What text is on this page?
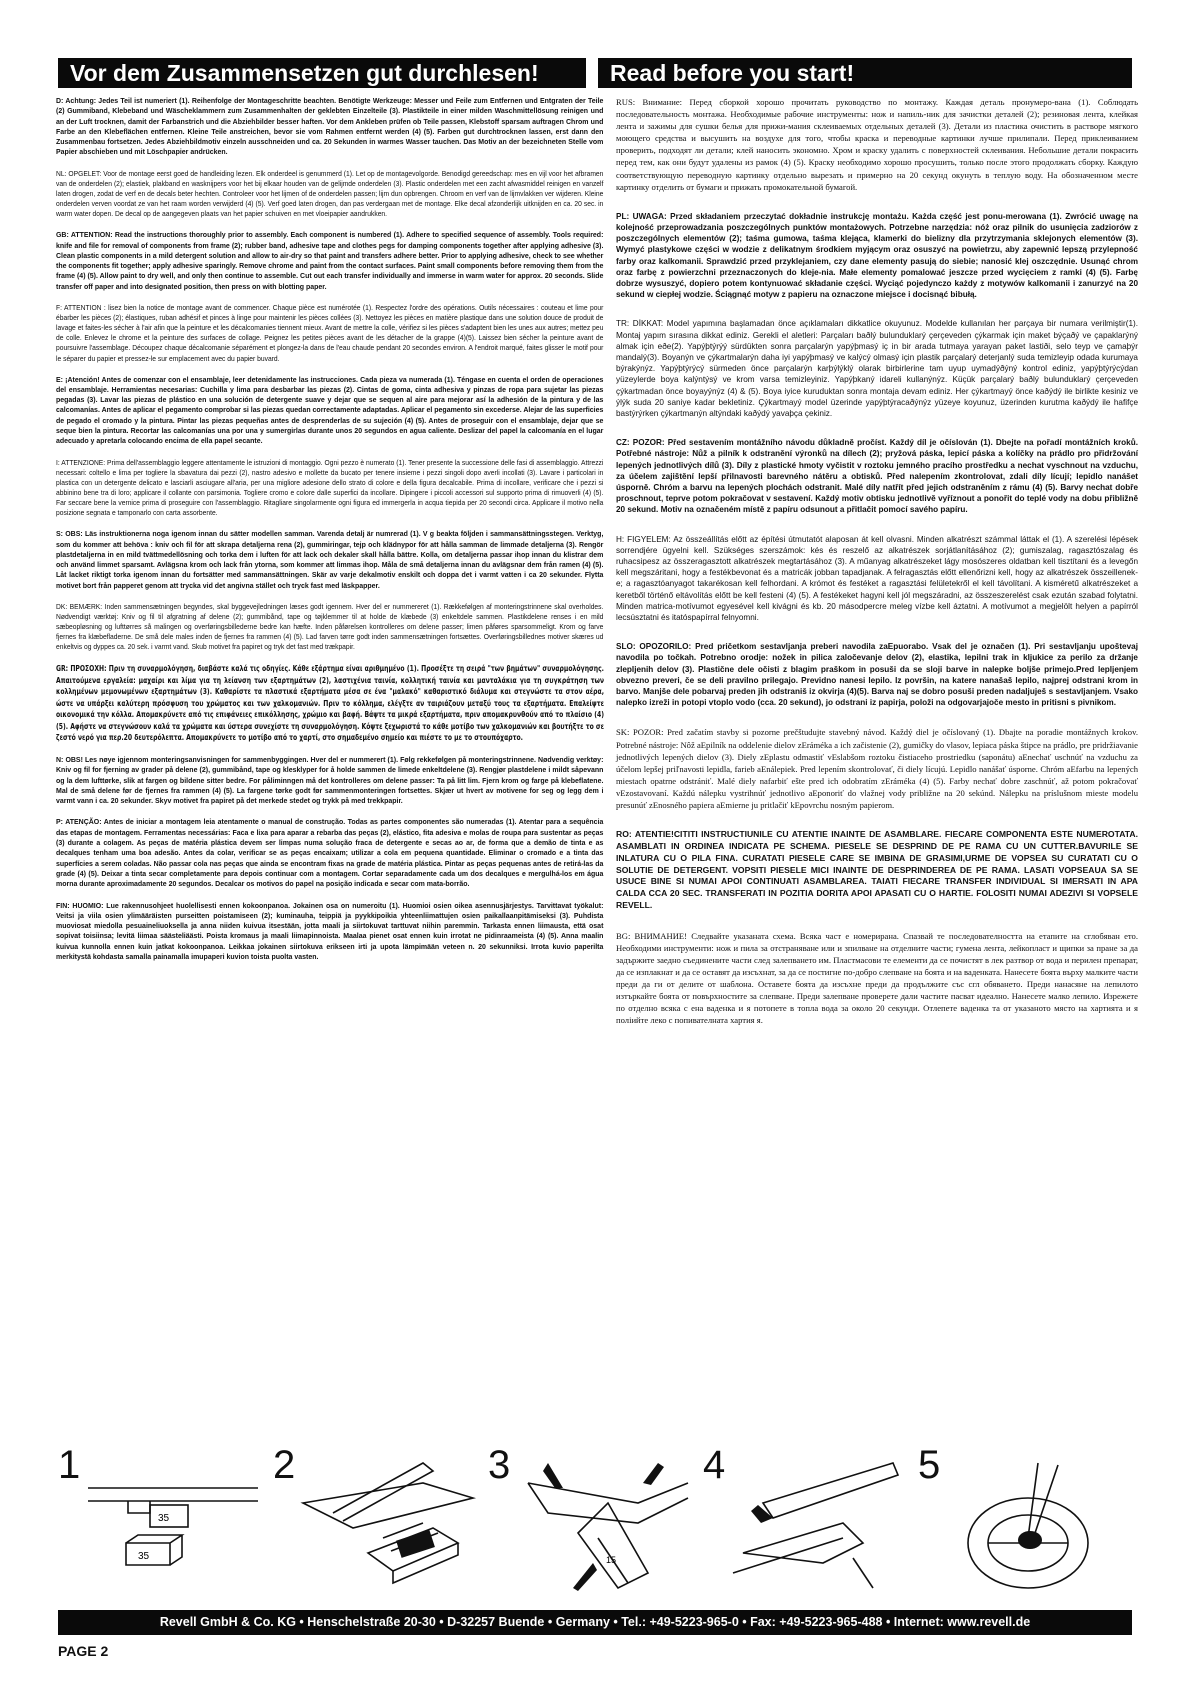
Vor dem Zusammensetzen gut durchlesen!	Read before you start!

D: Achtung: Jedes Teil ist numeriert (1). Reihenfolge der Montageschritte beachten. Benötigte Werkzeuge: Messer und Feile zum Entfernen und Entgraten der Teile (2) Gummiband, Klebeband und Wäscheklammern zum Zusammenhalten der geklebten Einzelteile (3). Plastikteile in einer milden Waschmittellösung reinigen und an der Luft trocknen, damit der Farbanstrich und die Abziehbilder besser haften. Vor dem Ankleben prüfen ob Teile passen, Klebstoff sparsam auftragen Chrom und Farbe an den Klebeflächen entfernen. Kleine Teile anstreichen, bevor sie vom Rahmen entfernt werden (4) (5). Farben gut durchtrocknen lassen, erst dann den Zusammenbau fortsetzen. Jedes Abziehbildmotiv einzeln ausschneiden und ca. 20 Sekunden in warmes Wasser tauchen. Das Motiv an der bezeichneten Stelle vom Papier abschieben und mit Löschpapier andrücken.

NL: OPGELET: Voor de montage eerst goed de handleiding lezen. Elk onderdeel is genummerd (1). Let op de montagevolgorde. Benodigd gereedschap: mes en vijl voor het afbramen van de onderdelen (2); elastiek, plakband en wasknijpers voor het bij elkaar houden van de gelijmde onderdelen (3). Plastic onderdelen met een zacht afwasmiddel reinigen en vanzelf laten drogen, zodat de verf en de decals beter hechten. Controleer voor het lijmen of de onderdelen passen; lijm dun opbrengen. Chroom en verf van de lijmvlakken ver wijderen. Kleine onderdelen verven voordat ze van het raam worden verwijderd (4) (5). Verf goed laten drogen, dan pas verdergaan met de montage. Elke decal afzonderlijk uitknijden en ca. 20 sec. in warm water dopen. De decal op de aangegeven plaats van het papier schuiven en met vloeipapier aandrukken.

GB: ATTENTION: Read the instructions thoroughly prior to assembly. Each component is numbered (1). Adhere to specified sequence of assembly. Tools required: knife and file for removal of components from frame (2); rubber band, adhesive tape and clothes pegs for damping components together after applying adhesive (3). Clean plastic components in a mild detergent solution and allow to air-dry so that paint and transfers adhere better. Prior to applying adhesive, check to see whether the components fit together; apply adhesive sparingly. Remove chrome and paint from the contact surfaces. Paint small components before removing them from the frame (4) (5). Allow paint to dry well, and only then continue to assemble. Cut out each transfer individually and immerse in warm water for approx. 20 seconds. Slide transfer off paper and into designated position, then press on with blotting paper.

F: ATTENTION : lisez bien la notice de montage avant de commencer. Chaque pièce est numérotée (1). Respectez l'ordre des opérations. Outils nécessaires : couteau et lime pour ébarber les pièces (2); élastiques, ruban adhésif et pinces à linge pour maintenir les pièces collées (3). Nettoyez les pièces en matière plastique dans une solution douce de produit de lavage et faites-les sécher à l'air afin que la peinture et les décalcomanies tiennent mieux. Avant de mettre la colle, vérifiez si les pièces s'adaptent bien les unes aux autres; mettez peu de colle. Enlevez le chrome et la peinture des surfaces de collage. Peignez les petites pièces avant de les détacher de la grappe (4)(5). Laissez bien sécher la peinture avant de poursuivre l'assemblage. Découpez chaque décalcomanie séparément et plongez-la dans de l'eau chaude pendant 20 secondes environ. A l'endroit marqué, faites glisser le motif pour le séparer du papier et pressez-le sur emplacement avec du papier buvard.

E: ¡Atención! Antes de comenzar con el ensamblaje, leer detenidamente las instrucciones. Cada pieza va numerada (1). Téngase en cuenta el orden de operaciones del ensamblaje. Herramientas necesarias: Cuchilla y lima para desbarbar las piezas (2). Cintas de goma, cinta adhesiva y pinzas de ropa para sujetar las piezas pegadas (3). Lavar las piezas de plástico en una solución de detergente suave y dejar que se sequen al aire para mejorar así la adhesión de la pintura y de las calcomanías. Antes de aplicar el pegamento comprobar si las piezas quedan correctamente adaptadas. Aplicar el pegamento sin excederse. Alejar de las superficies de pegado el cromado y la pintura. Pintar las piezas pequeñas antes de desprenderlas de su sujeción (4) (5). Antes de proseguir con el ensamblaje, dejar que se seque bien la pintura. Recortar las calcomanías una por una y sumergirlas durante unos 20 segundos en agua caliente. Deslizar del papel la calcomanía en el lugar adecuado y apretarla colocando encima de ella papel secante.

I: ATTENZIONE: Prima dell'assemblaggio leggere attentamente le istruzioni di montaggio. Ogni pezzo è numerato (1). Tener presente la successione delle fasi di assemblaggio. Attrezzi necessari: coltello e lima per togliere la sbavatura dai pezzi (2), nastro adesivo e mollette da bucato per tenere insieme i pezzi singoli dopo averli incollati (3). Lavare i particolari in plastica con un detergente delicato e lasciarli asciugare all'aria, per una migliore adesione dello strato di colore e della figura decalcabile. Prima di incollare, verificare che i pezzi si abbinino bene tra di loro; applicare il collante con parsimonia. Togliere cromo e colore dalle superfici da incollare. Dipingere i piccoli accessori sul supporto prima di rimuoverli (4) (5). Far seccare bene la vernice prima di proseguire con l'assemblaggio. Ritagliare singolarmente ogni figura ed immergerla in acqua tiepida per 20 secondi circa. Applicare il motivo nella posizione segnata e tamponarlo con carta assorbente.

S: OBS: Läs instruktionerna noga igenom innan du sätter modellen samman. Varenda detalj är numrerad (1). V g beakta följden i sammansättningsstegen. Verktyg, som du kommer att behöva : kniv och fil för att skrapa detaljerna rena (2), gummiringar, tejp och klädnypor för att hålla samman de limmade detaljerna (3). Rengör plastdetaljerna in en mild tvättmedellösning och torka dem i luften för att lack och dekaler skall hålla bättre. Kolla, om detaljerna passar ihop innan du klistrar dem och använd limmet sparsamt. Avlägsna krom och lack från ytorna, som kommer att limmas ihop. Måla de små detaljerna innan du avlägsnar dem från ramen (4) (5). Låt lacket riktigt torka igenom innan du fortsätter med sammansättningen. Skär av varje dekalmotiv enskilt och doppa det i varmt vatten i ca 20 sekunder. Flytta motivet bort från papperet genom att trycka vid det angivna stället och tryck fast med läskpapper.

DK: BEMÆRK: Inden sammensætningen begyndes, skal byggevejledningen læses godt igennem. Hver del er nummereret (1). Rækkefølgen af monteringstrinnene skal overholdes. Nødvendigt værktøj: Kniv og fil til afgratning af delene (2); gummibånd, tape og tøjklemmer til at holde de klæbede (3) enkeltdele sammen. Plastikdelene renses i en mild sæbeopløsning og lufttørres så malingen og overføringsbillederne bedre kan hæfte. Inden påførelsen kontrolleres om delene passer; limen påføres sparsommeligt. Krom og farve fjernes fra klæbefladerne. De små dele males inden de fjernes fra rammen (4) (5). Lad farven tørre godt inden sammensætningen fortsættes. Overføringsbillednes motiver skæres ud enkeltvis og dyppes ca. 20 sek. i varmt vand. Skub motivet fra papiret og tryk det fast med trækpapir.

GR: ΠΡΟΣΟΧΗ: Πριν τη συναρμολόγηση, διαβάστε καλά τις οδηγίες. Κάθε εξάρτημα είναι αριθμημένο (1). Προσέξτε τη σειρά "των βημάτων" συναρμολόγησης. Απαιτούμενα εργαλεία: μαχαίρι και λίμα για τη λείανση των εξαρτημάτων (2), λαστιχένια ταινία, κολλητική ταινία και μανταλάκια για τη συγκράτηση των κολλημένων μεμονωμένων εξαρτημάτων (3). Καθαρίστε τα πλαστικά εξαρτήματα μέσα σε ένα "μαλακό" καθαριστικό διάλυμα και στεγνώστε τα στον αέρα, ώστε να υπάρξει καλύτερη πρόσφυση του χρώματος και των χαλκομανιών. Πριν το κόλλημα, ελέγξτε αν ταιριάζουν μεταξύ τους τα εξαρτήματα. Επαλείψτε οικονομικά την κόλλα. Απομακρύνετε από τις επιφάνειες επικόλλησης, χρώμιο και βαφή. Βάψτε τα μικρά εξαρτήματα, πριν απομακρυνθούν από το πλαίσιο (4) (5). Αφήστε να στεγνώσουν καλά τα χρώματα και ύστερα συνεχίστε τη συναρμολόγηση. Κόψτε ξεχωριστά το κάθε μοτίβο των χαλκομανιών και βουτήξτε το σε ζεστό νερό για περ.20 δευτερόλεπτα. Απομακρύνετε το μοτίβο από το χαρτί, στο σημαδεμένο σημείο και πιέστε το με το στουπόχαρτο.

N: OBS! Les nøye igjennom monteringsanvisningen for sammenbyggingen. Hver del er nummerert (1). Følg rekkefølgen på monteringstrinnene. Nødvendig verktøy: Kniv og fil for fjerning av grader på delene (2), gummibånd, tape og klesklyper for å holde sammen de limede enkeltdelene (3). Rengjør plastdelene i mildt såpevann og la dem lufttørke, slik at fargen og bildene sitter bedre. For påliminngen må det kontrolleres om delene passer: Ta på litt lim. Fjern krom og farge på klebeflatene. Mal de små delene før de fjernes fra rammen (4) (5). La fargene tørke godt før sammenmonteringen fortsettes. Skjær ut hvert av motivene for seg og legg dem i varmt vann i ca. 20 sekunder. Skyv motivet fra papiret på det merkede stedet og trykk på med trekkpapir.

P: ATENÇÃO: Antes de iniciar a montagem leia atentamente o manual de construção. Todas as partes componentes são numeradas (1). Atentar para a sequência das etapas de montagem. Ferramentas necessárias: Faca e lixa para aparar a rebarba das peças (2), elástico, fita adesiva e molas de roupa para sustentar as peças (3) durante a colagem. As peças de matéria plástica devem ser limpas numa solução fraca de detergente e secas ao ar, de forma que a demão de tinta e as decalques tenham uma boa adesão. Antes da colar, verificar se as peças encaixam; utilizar a cola em pequena quantidade. Eliminar o cromado e a tinta das superfícies a serem coladas. Não passar cola nas peças que ainda se encontram fixas na grade de matéria plástica. Pintar as peças pequenas antes de retirá-las da grade (4) (5). Deixar a tinta secar completamente para depois continuar com a montagem. Cortar separadamente cada um dos decalques e mergulhá-los em água morna durante aproximadamente 20 segundos. Decalcar os motivos do papel na posição indicada e secar com mata-borrão.

FIN: HUOMIO: Lue rakennusohjeet huolellisesti ennen kokoonpanoa. Jokainen osa on numeroitu (1). Huomioi osien oikea asennusjärjestys. Tarvittavat työkalut: Veitsi ja viila osien ylimääräisten purseitten poistamiseen (2); kuminauha, teippiä ja pyykkipoikia yhteenliimattujen osien paikallaanpitämiseksi (3). Puhdista muoviosat miedolla pesuaineliuoksella ja anna niiden kuivua itsestään, jotta maali ja siirtokuvat tarttuvat niihin paremmin. Tarkasta ennen liimausta, että osat sopivat toisiinsa; levitä liimaa säästeliäästi. Poista kromaus ja maali liimapinnoista. Maalaa pienet osat ennen kuin irrotat ne pidinraameista (4) (5). Anna maalin kuivua kunnolla ennen kuin jatkat kokoonpanoa. Leikkaa jokainen siirtokuva erikseen irti ja upota lämpimään veteen n. 20 sekunniksi. Irrota kuvio paperilta merkitystä kohdasta samalla painamalla imupaperi kuvion toista puolta vasten.

RUS: Внимание: Перед сборкой хорошо прочитать руководство по монтажу. Каждая деталь пронумеро-вана (1). Соблюдать последовательность монтажа. Необходимые рабочие инструменты: нож и напиль-ник для зачистки деталей (2); резиновая лента, клейкая лента и зажимы для сушки белья для прижи-мания склеиваемых отдельных деталей (3). Детали из пластика очистить в растворе мягкого моющего средства и высушить на воздухе для того, чтобы краска и переводные картинки лучше прилипали. Перед приклеиванием проверить, подходят ли детали; клей наносить экономно. Хром и краску удалить с поверхностей склеивания. Небольшие детали покрасить перед тем, как они будут удалены из рамок (4) (5). Краску необходимо хорошо просушить, только после этого продолжать сборку. Каждую соответствующую переводную картинку отдельно вырезать и примерно на 20 секунд окунуть в теплую воду. На обозначенном месте картинку отделить от бумаги и прижать промокательной бумагой.

PL: UWAGA: Przed składaniem przeczytać dokładnie instrukcję montażu. Każda część jest ponu-merowana (1). Zwrócić uwagę na kolejność przeprowadzania poszczególnych punktów montażowych. Potrzebne narzędzia: nóż oraz pilnik do usunięcia zadziorów z poszczególnych elementów (2); taśma gumowa, taśma klejąca, klamerki do bielizny dla przytrzymania sklejonych elementów (3). Wymyć plastykowe części w wodzie z delikatnym środkiem myjącym oraz osuszyć na powietrzu, aby zapewnić lepszą przylepność farby oraz kalkomanii. Sprawdzić przed przyklejaniem, czy dane elementy pasują do siebie; nanosić klej oszczędnie. Usunąć chrom oraz farbę z powierzchni przeznaczonych do kleje-nia. Małe elementy pomalować jeszcze przed wycięciem z ramki (4) (5). Farbę dobrze wysuszyć, dopiero potem kontynuować składanie części. Wyciąć pojedynczo każdy z motywów kalkomanii i zanurzyć na 20 sekund w ciepłej wodzie. Ściągnąć motyw z papieru na oznaczone miejsce i docisnąć bibułą.

TR: DİKKAT: Model yapımına başlamadan önce açıklamaları dikkatlice okuyunuz. Modelde kullanılan her parçaya bir numara verilmiştir(1). Montaj yapım sırasına dikkat ediniz. Gerekli el aletleri: Parçaları baðlý bulunduklarý çerçeveden çýkarmak için maket býçaðý ve çapaklarýný almak için eðe(2). Yapýþtýrýý sürdükten sonra parçalarýn yapýþmasý iç in bir arada tutmaya yarayan paket lastiði, selo teyp ve çamaþýr mandalý(3). Boyanýn ve çýkartmalarýn daha iyi yapýþmasý ve kalýcý olmasý için plastik parçalarý deterjanlý suda temizleyip odada kurumaya býrakýnýz. Yapýþtýrýcý sürmeden önce parçalarýn karþýlýklý olarak birbirlerine tam uyup uymadýðýný kontrol ediniz, yapýþtýrýcýdan yüzeylerde boya kalýntýsý ve krom varsa temizleyiniz. Yapýþkaný idareli kullanýnýz. Küçük parçalarý baðlý bulunduklarý çerçeveden çýkartmadan önce boyayýnýz (4) & (5). Boya iyice kuruduktan sonra montaja devam ediniz. Her çýkartmayý önce kaðýdý ile birlikte kesiniz ve ýlýk suda 20 saniye kadar bekletiniz. Çýkartmayý model üzerinde yapýþtýracaðýnýz yüzeye koyunuz, üzerinden kurutma kaðýdý ile hafifçe bastýrýrken çýkartmanýn altýndaki kaðýdý yavaþça çekiniz.

CZ: POZOR: Před sestavením montážního návodu důkladně pročíst. Každý díl je očíslován (1). Dbejte na pořadí montážních kroků. Potřebné nástroje: Nůž a pilník k odstranění výronků na dílech (2); pryžová páska, lepicí páska a kolíčky na prádlo pro přidržování lepených jednotlivých dílů (3). Díly z plastické hmoty vyčistit v roztoku jemného pracího prostředku a nechat vyschnout na vzduchu, za účelem zajištění lepší přilnavosti barevného nátěru a obtisků. Před nalepením zkontrolovat, zdali díly lícují; lepidlo nanášet úsporně. Chróm a barvu na lepených plochách odstranit. Malé díly natřít před jejich odstraněním z rámu (4) (5). Barvy nechat dobře proschnout, teprve potom pokračovat v sestavení. Každý motiv obtisku jednotlivě vyříznout a ponořit do teplé vody na dobu přibližně 20 sekund. Motiv na označeném místě z papíru odsunout a přitlačit pomocí savého papíru.

H: FIGYELEM: Az összeállítás előtt az építési útmutatót alaposan át kell olvasni. Minden alkatrészt számmal láttak el (1). A szerelési lépések sorrendjére ügyelni kell. Szükséges szerszámok: kés és reszelő az alkatrészek sorjátlanításához (2); gumiszalag, ragasztószalag és ruhacsipesz az összeragasztott alkatrészek megtartásához (3). A műanyag alkatrészeket lágy mosószeres oldatban kell tisztítani és a levegőn kell megszáritani, hogy a festékbevonat és a matricák jobban tapadjanak. A felragasztás előtt ellenőrizni kell, hogy az alkatrészek összeillenek-e; a ragasztóanyagot takarékosan kell felhordani. A krómot és festéket a ragasztási felületekről el kell távolítani. A kisméretű alkatrészeket a keretből történő eltávolítás előtt be kell festeni (4) (5). A festékeket hagyni kell jól megszáradni, az összeszerelést csak ezután szabad folytatni. Minden matrica-motívumot egyesével kell kivágni és kb. 20 másodpercre meleg vízbe kell áztatni. A motívumot a megjelölt helyen a papírról lecsúsztatni és itatóspapírral felnyomni.

SLO: OPOZORILO: Pred pričetkom sestavljanja preberi navodila zaEpuorabo. Vsak del je označen (1). Pri sestavljanju upoštevaj navodila po točkah. Potrebno orodje: nožek in pilica zaločevanje delov (2), elastika, lepilni trak in kljukice za perilo za držanje zlepljenih delov (3). Plastične dele očisti z blagim praškom in posuši da se sloji barve in nalepke boljše primejo.Pred lepljenjem obvezno preveri, če se deli pravilno prilegajo. Previdno nanesi lepilo. Iz površin, na katere nanašaš lepilo, najprej odstrani krom in barvo. Manjše dele pobarvaj preden jih odstraniš iz okvirja (4)(5). Barva naj se dobro posuši preden nadaljuješ s sestavljanjem. Vsako nalepko izreži in potopi vtoplo vodo (cca. 20 sekund), jo odstrani iz papirja, položi na odgovarjajoče mesto in pritisni s pivnikom.

SK: POZOR: Pred začatím stavby si pozorne prečštudujte stavebný návod. Každý diel je očíslovaný (1). Dbajte na poradie montážnych krokov. Potrebné nástroje: Nôž aEpilník na oddelenie dielov zEráméka a ich začistenie (2), gumičky do vlasov, lepiaca páska štipce na prádlo, pre pridržiavanie jednotlivých lepených dielov (3). Diely zEplastu odmastiť vEslabšom roztoku čistiaceho prostriedku (saponátu) aEnechať uschnúť na vzduchu za účelom lepšej priľnavosti lepidla, farieb aEnálepiek. Pred lepením skontrolovať, či diely lícujú. Lepidlo nanášať úsporne. Chróm aEfarbu na lepených miestach opatrne odstrániť. Malé diely nafarbiť ešte pred ich odobratím zEráméka (4) (5). Farby nechať dobre zaschnúť, až potom pokračovať vEzostavovaní. Každú nálepku vystrihnúť jednotlivo aEponoriť do vlažnej vody približne na 20 sekúnd. Nálepku na príslušnom mieste modelu presunúť zEnosného papiera aEmierne ju pritlačiť kEpovrchu nosným papierom.

RO: ATENTIE!CITITI INSTRUCTIUNILE CU ATENTIE INAINTE DE ASAMBLARE. FIECARE COMPONENTA ESTE NUMEROTATA. ASAMBLATI IN ORDINEA INDICATA PE SCHEMA. PIESELE SE DESPRIND DE PE RAMA CU UN CUTTER.BAVURILE SE INLATURA CU O PILA FINA. CURATATI PIESELE CARE SE IMBINA DE GRASIMI,URME DE VOPSEA SU CURATATI CU O SOLUTIE DE DETERGENT. VOPSITI PIESELE MICI INAINTE DE DESPRINDEREA DE PE RAMA. LASATI VOPSEAUA SA SE USUCE BINE SI NUMAI APOI CONTINUATI ASAMBLAREA. TAIATI FIECARE TRANSFER INDIVIDUAL SI IMERSATI IN APA CALDA CCA 20 SEC. TRANSFERATI IN POZITIA DORITA APOI APASATI CU O HARTIE. FOLOSITI NUMAI ADEZIVI SI VOPSELE REVELL.

BG: ВНИМАНИЕ! Следвайте указаната схема. Всяка част е номерирана. Спазвай те последователността на етапите на сглобяван ето. Необходими инструменти: нож и пила за отстраняване или и зпилване на отделните части; гумена лента, лейкопласт и щипки за пране за да задържите заедно съединените части след залепването им. Пластмасови те елементи да се почистят в лек разтвор от вода и перилен препарат, да се изплакнат и да се оставят да изсъхнат, за да се постигне по-добро слепване на боята и на ваденката. Нанесете боята върху малките части преди да ги от делите от шаблона. Оставете боята да изсъхне преди да продължите със сгл обяването. Преди нанасяне на лепилото изтъркайте боята от повърхностите за слепване. Преди залепване проверете дали частите пасват идеално. Нанесете малко лепило. Изрежете по отделно всяка с ена ваденка и я потопете в топла вода за около 20 секунди. Отлепете ваденка та от указаното място на хартията и я поліийте леко с попивателната хартия я.

1
35
35
2	3
15
4	5
Revell GmbH & Co. KG • Henschelstraße 20-30 • D-32257 Buende • Germany • Tel.: +49-5223-965-0 • Fax: +49-5223-965-488 • Internet: www.revell.de
PAGE 2
